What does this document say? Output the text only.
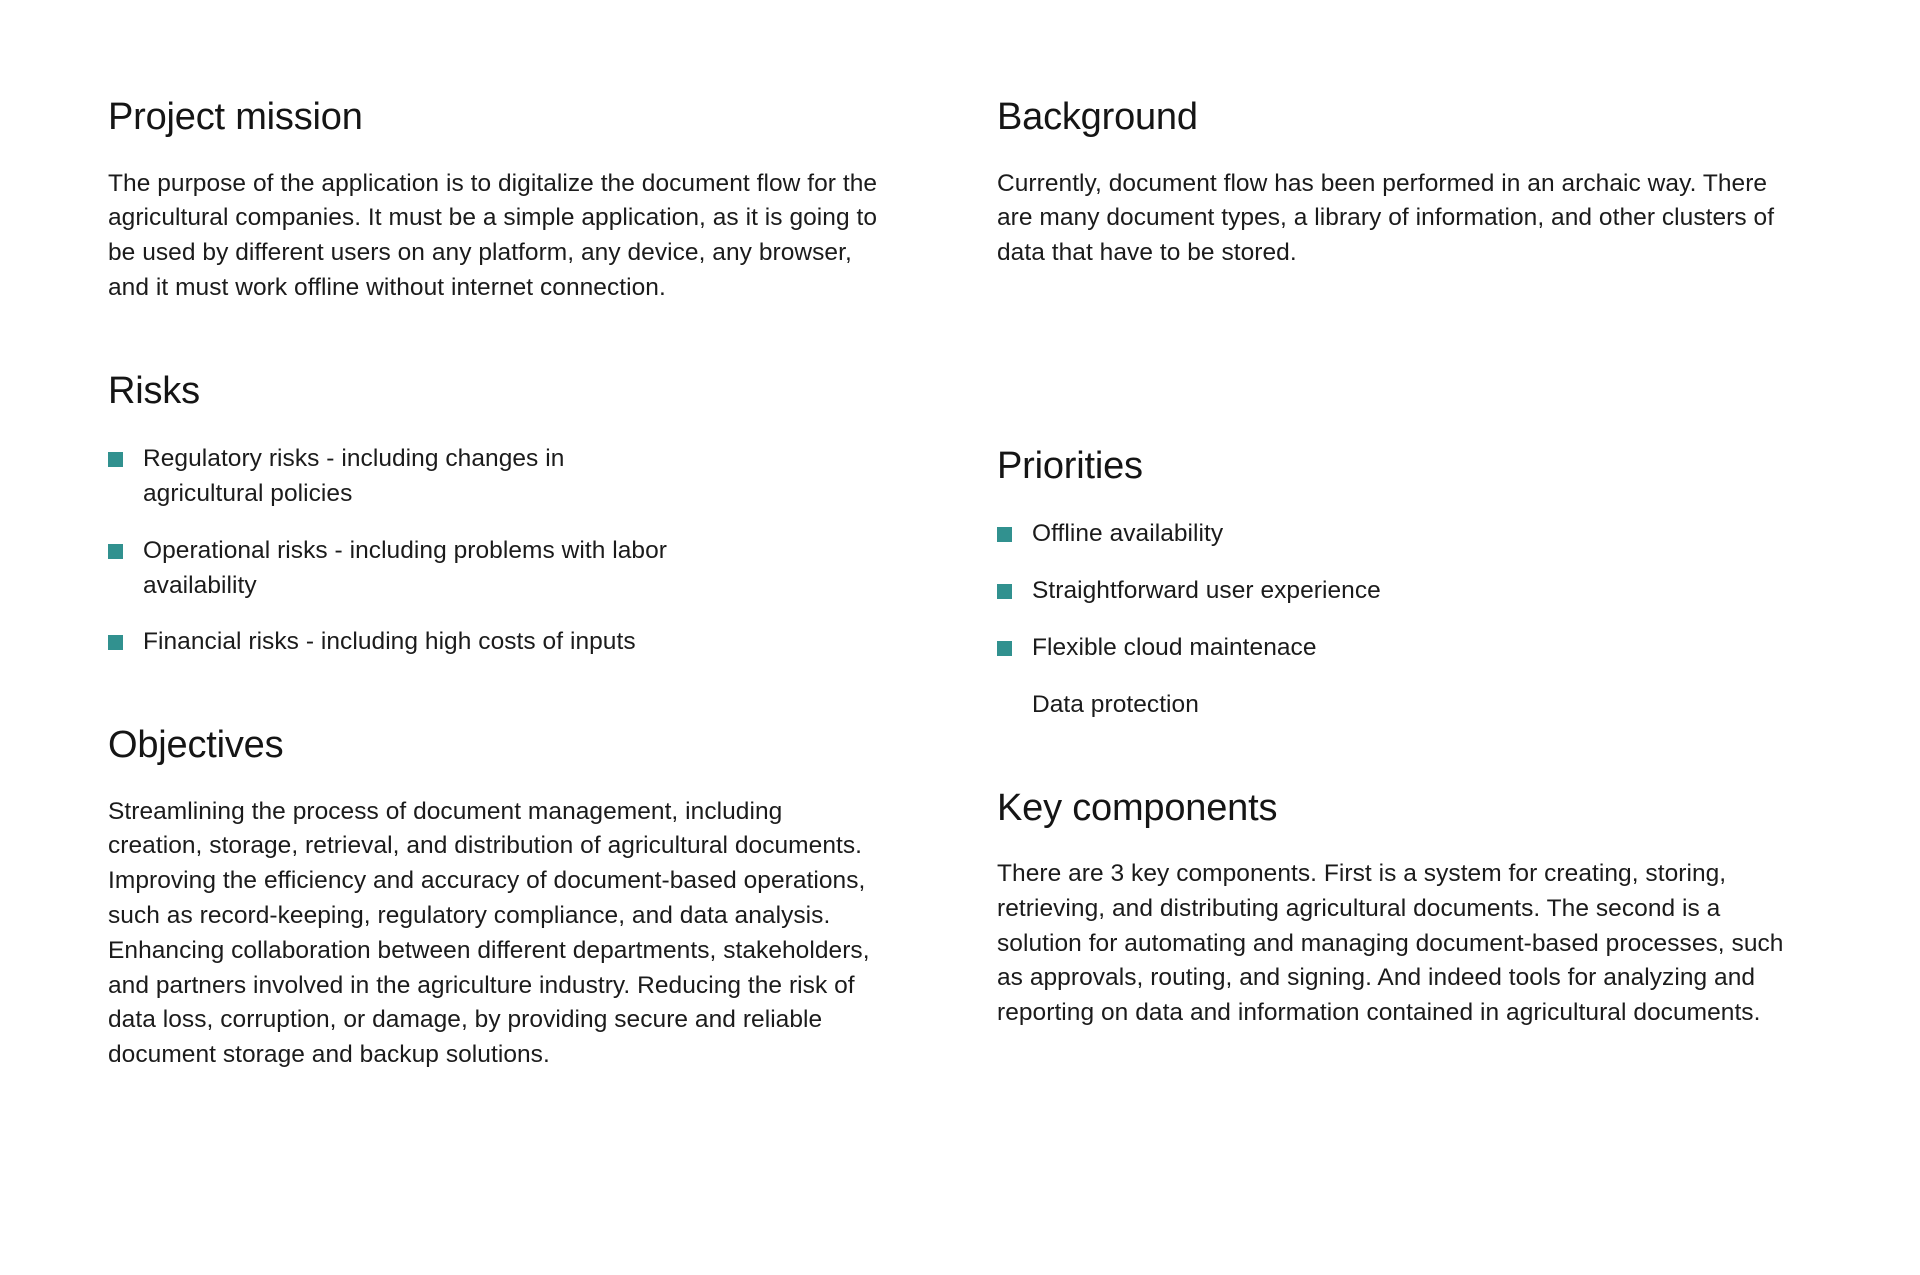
Project mission

The purpose of the application is to digitalize the document flow for the agricultural companies. It must be a simple application, as it is going to be used by different users on any platform, any device, any browser, and it must work offline without internet connection.

Risks
Regulatory risks - including changes in agricultural policies
Operational risks - including problems with labor availability
Financial risks - including high costs of inputs
Objectives

Streamlining the process of document management, including creation, storage, retrieval, and distribution of agricultural documents. Improving the efficiency and accuracy of document-based operations, such as record-keeping, regulatory compliance, and data analysis. Enhancing collaboration between different departments, stakeholders, and partners involved in the agriculture industry. Reducing the risk of data loss, corruption, or damage, by providing secure and reliable document storage and backup solutions.

Background

Currently, document flow has been performed in an archaic way. There are many document types, a library of information, and other clusters of data that have to be stored.

Priorities
Offline availability
Straightforward user experience
Flexible cloud maintenace
Data protection
Key components

There are 3 key components. First is a system for creating, storing, retrieving, and distributing agricultural documents. The second is a solution for automating and managing document-based processes, such as approvals, routing, and signing. And indeed tools for analyzing and reporting on data and information contained in agricultural documents.
